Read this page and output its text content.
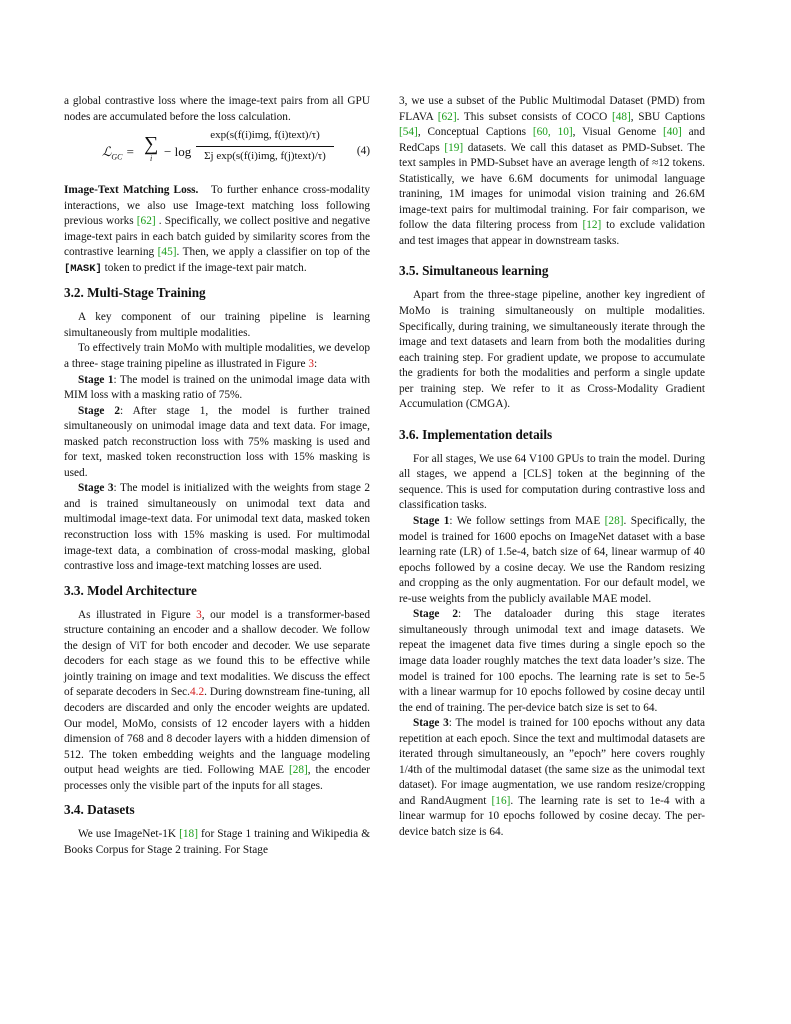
a global contrastive loss where the image-text pairs from all GPU nodes are accumulated before the loss calculation.

ℒ$_{GC}$ = ∑
i − log
exp(s(f(i)img, f(i)text)/τ)
Σj exp(s(f(i)img, f(j)text)/τ)	(4)

Image-Text Matching Loss. To further enhance cross-modality interactions, we also use Image-text matching loss following previous works [62] . Specifically, we collect positive and negative image-text pairs in each batch guided by similarity scores from the contrastive learning [45]. Then, we apply a classifier on top of the [MASK] token to predict if the image-text pair match.

3.2. Multi-Stage Training

A key component of our training pipeline is learning simultaneously from multiple modalities.

To effectively train MoMo with multiple modalities, we develop a three- stage training pipeline as illustrated in Figure 3:

Stage 1: The model is trained on the unimodal image data with MIM loss with a masking ratio of 75%.

Stage 2: After stage 1, the model is further trained simultaneously on unimodal image data and text data. For image, masked patch reconstruction loss with 75% masking is used and for text, masked token reconstruction loss with 15% masking is used.

Stage 3: The model is initialized with the weights from stage 2 and is trained simultaneously on unimodal text data and multimodal image-text data. For unimodal text data, masked token reconstruction loss with 15% masking is used. For multimodal image-text data, a combination of cross-modal masking, global contrastive loss and image-text matching losses are used.

3.3. Model Architecture

As illustrated in Figure 3, our model is a transformer-based structure containing an encoder and a shallow decoder. We follow the design of ViT for both encoder and decoder. We use separate decoders for each stage as we found this to be effective while jointly training on image and text modalities. We discuss the effect of separate decoders in Sec.4.2. During downstream fine-tuning, all decoders are discarded and only the encoder weights are updated. Our model, MoMo, consists of 12 encoder layers with a hidden dimension of 768 and 8 decoder layers with a hidden dimension of 512. The token embedding weights and the language modeling output head weights are tied. Following MAE [28], the encoder processes only the visible part of the inputs for all stages.

3.4. Datasets

We use ImageNet-1K [18] for Stage 1 training and Wikipedia & Books Corpus for Stage 2 training. For Stage

3, we use a subset of the Public Multimodal Dataset (PMD) from FLAVA [62]. This subset consists of COCO [48], SBU Captions [54], Conceptual Captions [60, 10], Visual Genome [40] and RedCaps [19] datasets. We call this dataset as PMD-Subset. The text samples in PMD-Subset have an average length of ≈12 tokens. Statistically, we have 6.6M documents for unimodal language tranining, 1M images for unimodal vision training and 26.6M image-text pairs for multimodal training. For fair comparison, we follow the data filtering process from [12] to exclude validation and test images that appear in downstream tasks.

3.5. Simultaneous learning

Apart from the three-stage pipeline, another key ingredient of MoMo is training simultaneously on multiple modalities. Specifically, during training, we simultaneously iterate through the image and text datasets and learn from both the modalities during each training step. For gradient update, we propose to accumulate the gradients for both the modalities and perform a single update per training step. We refer to it as Cross-Modality Gradient Accumulation (CMGA).

3.6. Implementation details

For all stages, We use 64 V100 GPUs to train the model. During all stages, we append a [CLS] token at the beginning of the sequence. This is used for computation during contrastive loss and classification tasks.

Stage 1: We follow settings from MAE [28]. Specifically, the model is trained for 1600 epochs on ImageNet dataset with a base learning rate (LR) of 1.5e-4, batch size of 64, linear warmup of 40 epochs followed by a cosine decay. We use the Random resizing and cropping as the only augmentation. For our default model, we re-use weights from the publicly available MAE model.

Stage 2: The dataloader during this stage iterates simultaneously through unimodal text and image datasets. We repeat the imagenet data five times during a single epoch so the image data loader roughly matches the text data loader’s size. The model is trained for 100 epochs. The learning rate is set to 5e-5 with a linear warmup for 10 epochs followed by cosine decay until the end of training. The per-device batch size is set to 64.

Stage 3: The model is trained for 100 epochs without any data repetition at each epoch. Since the text and multimodal datasets are iterated through simultaneously, an ”epoch” here covers roughly 1/4th of the multimodal dataset (the same size as the unimodal text dataset). For image augmentation, we use random resize/cropping and RandAugment [16]. The learning rate is set to 1e-4 with a linear warmup for 10 epochs followed by cosine decay. The per-device batch size is 64.
